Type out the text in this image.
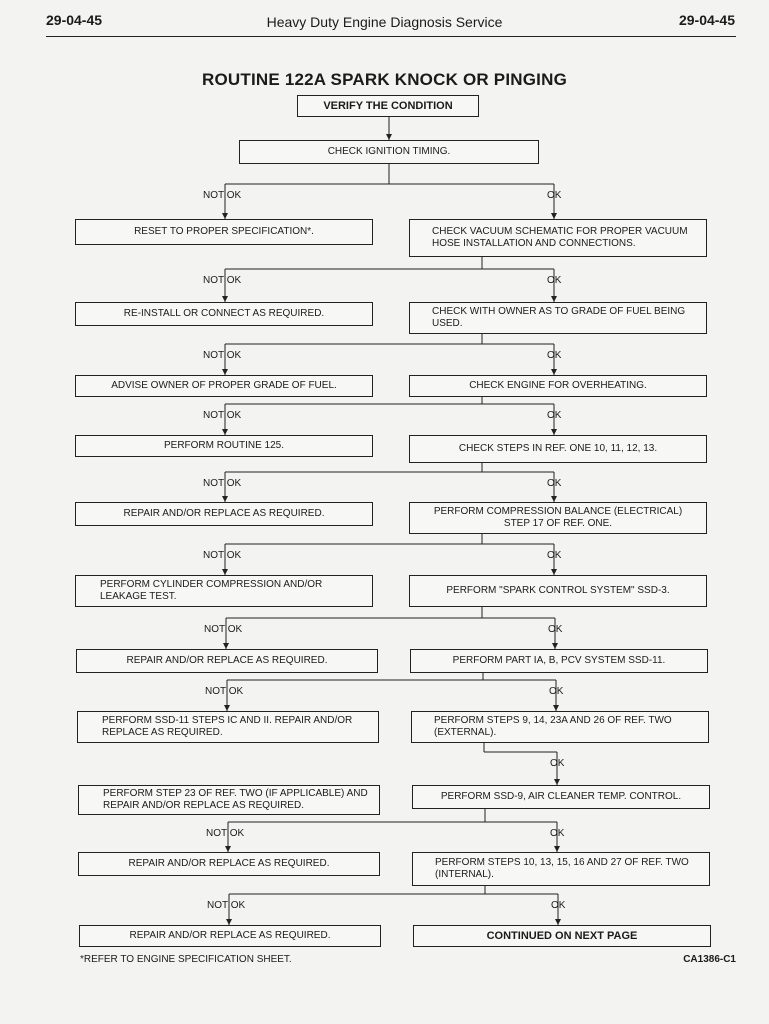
29-04-45	Heavy Duty Engine Diagnosis Service	29-04-45
ROUTINE 122A SPARK KNOCK OR PINGING
VERIFY THE CONDITION
CHECK IGNITION TIMING.
NOT OK	OK
RESET TO PROPER SPECIFICATION*.	CHECK VACUUM SCHEMATIC FOR PROPER VACUUM HOSE INSTALLATION AND CONNECTIONS.
NOT OK	OK
RE-INSTALL OR CONNECT AS REQUIRED.	CHECK WITH OWNER AS TO GRADE OF FUEL BEING USED.
NOT OK	OK
ADVISE OWNER OF PROPER GRADE OF FUEL.	CHECK ENGINE FOR OVERHEATING.
NOT OK	OK
PERFORM ROUTINE 125.	CHECK STEPS IN REF. ONE 10, 11, 12, 13.
NOT OK	OK
REPAIR AND/OR REPLACE AS REQUIRED.	PERFORM COMPRESSION BALANCE (ELECTRICAL) STEP 17 OF REF. ONE.
NOT OK	OK
PERFORM CYLINDER COMPRESSION AND/OR LEAKAGE TEST.
PERFORM "SPARK CONTROL SYSTEM" SSD-3.
NOT OK	OK
REPAIR AND/OR REPLACE AS REQUIRED.	PERFORM PART IA, B, PCV SYSTEM SSD-11.
NOT OK	OK
PERFORM SSD-11 STEPS IC AND II. REPAIR AND/OR REPLACE AS REQUIRED.
PERFORM STEPS 9, 14, 23A AND 26 OF REF. TWO (EXTERNAL).
OK
PERFORM STEP 23 OF REF. TWO (IF APPLICABLE) AND REPAIR AND/OR REPLACE AS REQUIRED.
PERFORM SSD-9, AIR CLEANER TEMP. CONTROL.
NOT OK	OK
REPAIR AND/OR REPLACE AS REQUIRED.	PERFORM STEPS 10, 13, 15, 16 AND 27 OF REF. TWO (INTERNAL).
NOT OK	OK
REPAIR AND/OR REPLACE AS REQUIRED.	CONTINUED ON NEXT PAGE
*REFER TO ENGINE SPECIFICATION SHEET.	CA1386-C1
